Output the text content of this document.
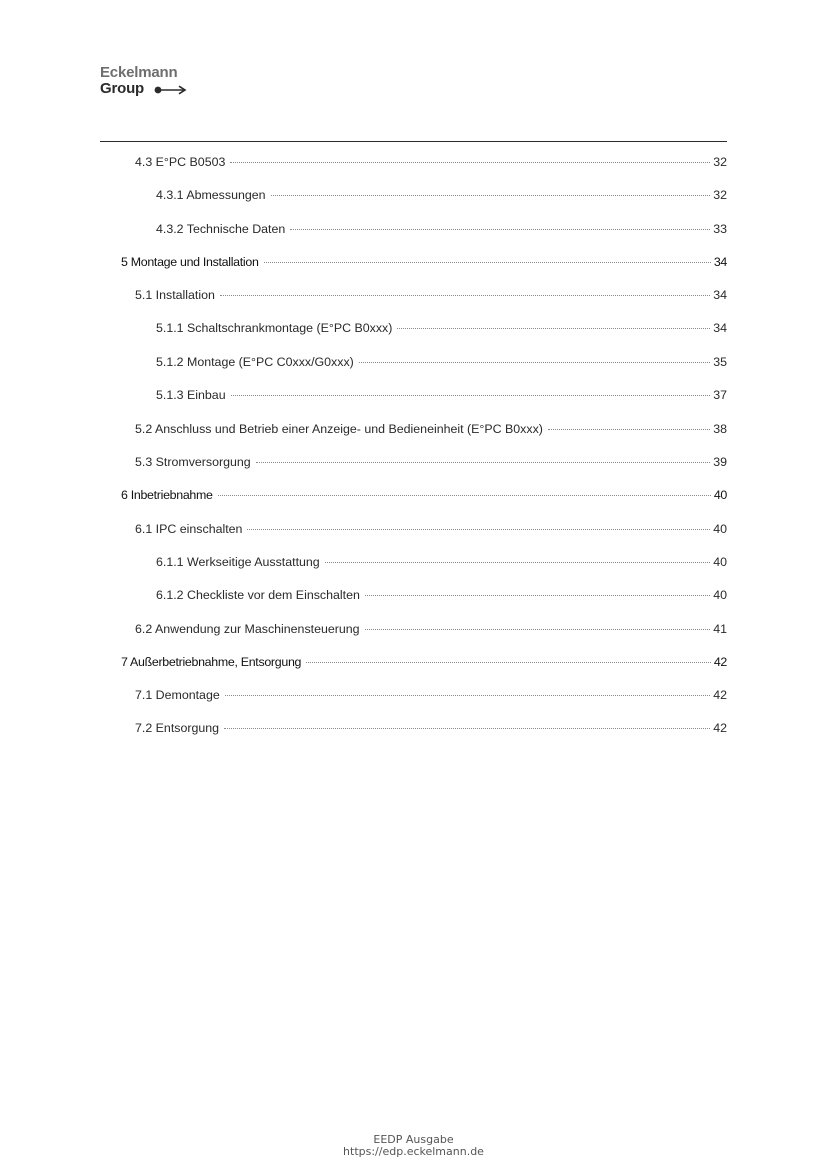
Eckelmann
Group
4.3 E°PC B0503	32
4.3.1 Abmessungen	32
4.3.2 Technische Daten	33
5 Montage und Installation	34
5.1 Installation	34
5.1.1 Schaltschrankmontage (E°PC B0xxx)	34
5.1.2 Montage (E°PC C0xxx/G0xxx)	35
5.1.3 Einbau	37
5.2 Anschluss und Betrieb einer Anzeige- und Bedieneinheit (E°PC B0xxx)	38
5.3 Stromversorgung	39
6 Inbetriebnahme	40
6.1 IPC einschalten	40
6.1.1 Werkseitige Ausstattung	40
6.1.2 Checkliste vor dem Einschalten	40
6.2 Anwendung zur Maschinensteuerung	41
7 Außerbetriebnahme, Entsorgung	42
7.1 Demontage	42
7.2 Entsorgung	42
EEDP Ausgabe
https://edp.eckelmann.de
